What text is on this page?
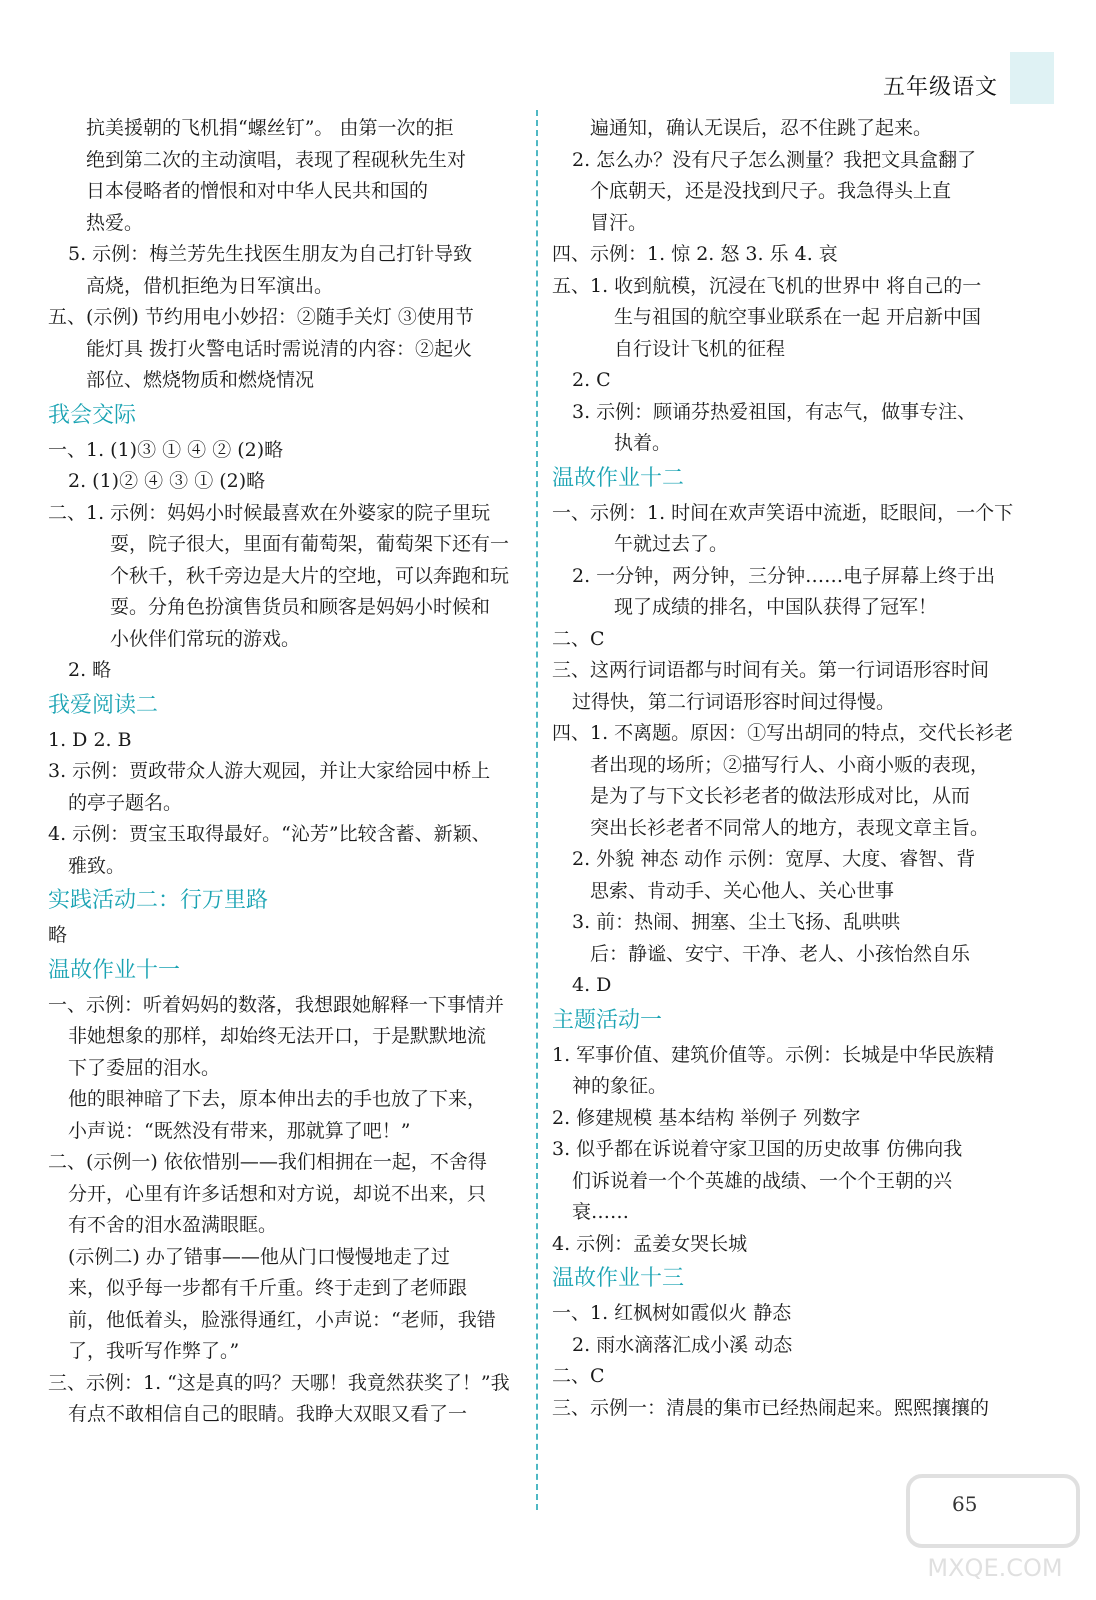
五年级语文
抗美援朝的飞机捐“螺丝钉”。 由第一次的拒
绝到第二次的主动演唱，表现了程砚秋先生对
日本侵略者的憎恨和对中华人民共和国的
热爱。
5. 示例：梅兰芳先生找医生朋友为自己打针导致
高烧，借机拒绝为日军演出。
五、(示例) 节约用电小妙招：②随手关灯 ③使用节
能灯具 拨打火警电话时需说清的内容：②起火
部位、燃烧物质和燃烧情况
我会交际
一、1. (1)③ ① ④ ② (2)略
2. (1)② ④ ③ ① (2)略
二、1. 示例：妈妈小时候最喜欢在外婆家的院子里玩
耍，院子很大，里面有葡萄架，葡萄架下还有一
个秋千，秋千旁边是大片的空地，可以奔跑和玩
耍。分角色扮演售货员和顾客是妈妈小时候和
小伙伴们常玩的游戏。
2. 略
我爱阅读二
1. D 2. B
3. 示例：贾政带众人游大观园，并让大家给园中桥上
的亭子题名。
4. 示例：贾宝玉取得最好。“沁芳”比较含蓄、新颖、
雅致。
实践活动二：行万里路
略
温故作业十一
一、示例：听着妈妈的数落，我想跟她解释一下事情并
非她想象的那样，却始终无法开口，于是默默地流
下了委屈的泪水。
他的眼神暗了下去，原本伸出去的手也放了下来，
小声说：“既然没有带来，那就算了吧！”
二、(示例一) 依依惜别——我们相拥在一起，不舍得
分开，心里有许多话想和对方说，却说不出来，只
有不舍的泪水盈满眼眶。
(示例二) 办了错事——他从门口慢慢地走了过
来，似乎每一步都有千斤重。终于走到了老师跟
前，他低着头，脸涨得通红，小声说：“老师，我错
了，我听写作弊了。”
三、示例：1. “这是真的吗？天哪！我竟然获奖了！”我
有点不敢相信自己的眼睛。我睁大双眼又看了一
遍通知，确认无误后，忍不住跳了起来。
2. 怎么办？没有尺子怎么测量？我把文具盒翻了
个底朝天，还是没找到尺子。我急得头上直
冒汗。
四、示例：1. 惊 2. 怒 3. 乐 4. 哀
五、1. 收到航模，沉浸在飞机的世界中 将自己的一
生与祖国的航空事业联系在一起 开启新中国
自行设计飞机的征程
2. C
3. 示例：顾诵芬热爱祖国，有志气，做事专注、
执着。
温故作业十二
一、示例：1. 时间在欢声笑语中流逝，眨眼间，一个下
午就过去了。
2. 一分钟，两分钟，三分钟……电子屏幕上终于出
现了成绩的排名，中国队获得了冠军！
二、C
三、这两行词语都与时间有关。第一行词语形容时间
过得快，第二行词语形容时间过得慢。
四、1. 不离题。原因：①写出胡同的特点，交代长衫老
者出现的场所；②描写行人、小商小贩的表现，
是为了与下文长衫老者的做法形成对比，从而
突出长衫老者不同常人的地方，表现文章主旨。
2. 外貌 神态 动作 示例：宽厚、大度、睿智、背
思索、肯动手、关心他人、关心世事
3. 前：热闹、拥塞、尘土飞扬、乱哄哄
后：静谧、安宁、干净、老人、小孩怡然自乐
4. D
主题活动一
1. 军事价值、建筑价值等。示例：长城是中华民族精
神的象征。
2. 修建规模 基本结构 举例子 列数字
3. 似乎都在诉说着守家卫国的历史故事 仿佛向我
们诉说着一个个英雄的战绩、一个个王朝的兴
衰……
4. 示例：孟姜女哭长城
温故作业十三
一、1. 红枫树如霞似火 静态
2. 雨水滴落汇成小溪 动态
二、C
三、示例一：清晨的集市已经热闹起来。熙熙攘攘的
65
MXQE.COM
